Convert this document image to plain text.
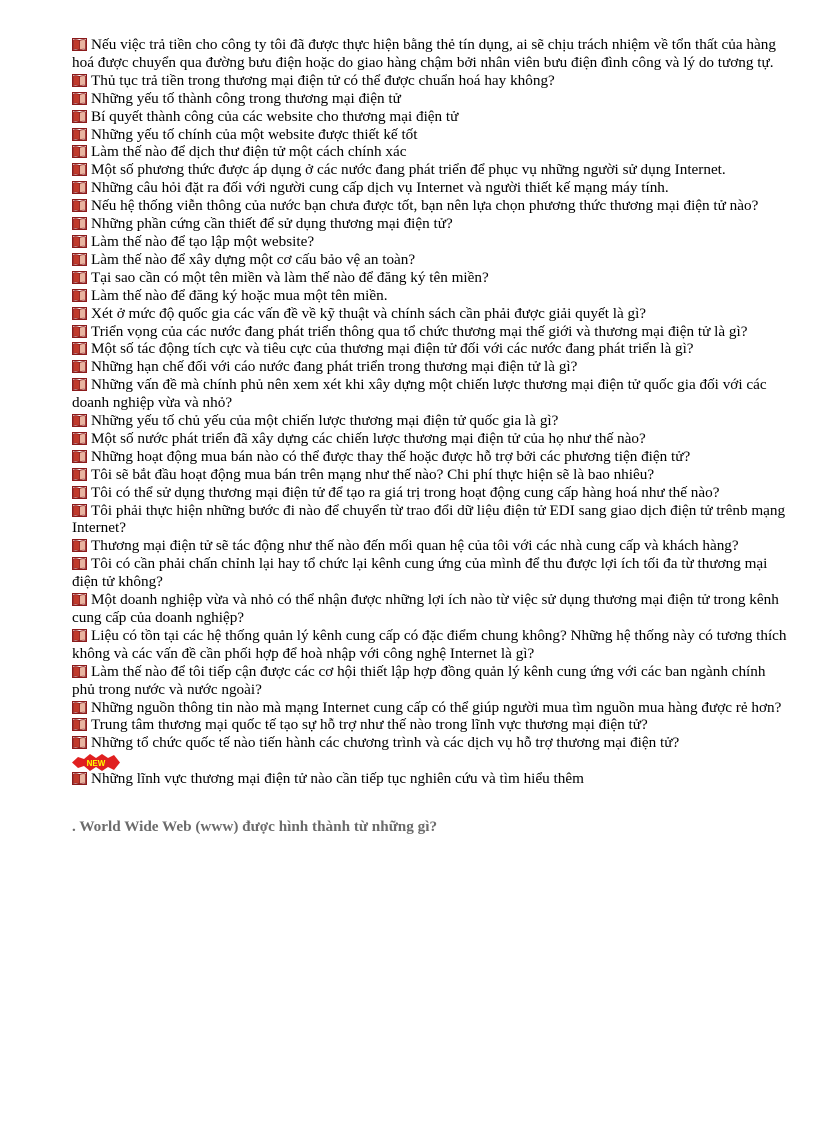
Nếu việc trả tiền cho công ty tôi đã được thực hiện bằng thẻ tín dụng, ai sẽ chịu trách nhiệm về tổn thất của hàng hoá được chuyển qua đường bưu điện hoặc do giao hàng chậm bởi nhân viên bưu điện đình công và lý do tương tự.
Thủ tục trả tiền trong thương mại điện tử có thể được chuẩn hoá hay không?
Những yếu tố thành công trong thương mại điện tử
Bí quyết thành công của các website cho thương mại điện tử
Những yếu tố chính của một website được thiết kế tốt
Làm thế nào để dịch thư điện tử một cách chính xác
Một số phương thức được áp dụng ở các nước đang phát triển để phục vụ những người sử dụng Internet.
Những câu hỏi đặt ra đối với người cung cấp dịch vụ Internet và người thiết kế mạng máy tính.
Nếu hệ thống viễn thông của nước bạn chưa được tốt, bạn nên lựa chọn phương thức thương mại điện tử nào?
Những phần cứng cần thiết để sử dụng thương mại điện tử?
Làm thế nào để tạo lập một website?
Làm thế nào để xây dựng một cơ cấu bảo vệ an toàn?
Tại sao cần có một tên miền và làm thế nào để đăng ký tên miền?
Làm thế nào để đăng ký hoặc mua một tên miền.
Xét ở mức độ quốc gia các vấn đề về kỹ thuật và chính sách cần phải được giải quyết là gì?
Triển vọng của các nước đang phát triển thông qua tổ chức thương mại thế giới và thương mại điện tử là gì?
Một số tác động tích cực và tiêu cực của thương mại điện tử đối với các nước đang phát triển là gì?
Những hạn chế đối với cáo nước đang phát triển trong thương mại điện tử là gì?
Những vấn đề mà chính phủ nên xem xét khi xây dựng một chiến lược thương mại điện tử quốc gia đối với các doanh nghiệp vừa và nhỏ?
Những yếu tố chủ yếu của một chiến lược thương mại điện tử quốc gia là gì?
Một số nước phát triển đã xây dựng các chiến lược thương mại điện tử của họ như thế nào?
Những hoạt động mua bán nào có thể được thay thế hoặc được hỗ trợ bởi các phương tiện điện tử?
Tôi sẽ bắt đầu hoạt động mua bán trên mạng như thế nào? Chi phí thực hiện sẽ là bao nhiêu?
Tôi có thể sử dụng thương mại điện tử để tạo ra giá trị trong hoạt động cung cấp hàng hoá như thế nào?
Tôi phải thực hiện những bước đi nào để chuyển từ trao đổi dữ liệu điện tử EDI sang giao dịch điện tử trênb mạng Internet?
Thương mại điện tử sẽ tác động như thế nào đến mối quan hệ của tôi với các nhà cung cấp và khách hàng?
Tôi có cần phải chấn chỉnh lại hay tổ chức lại kênh cung ứng của mình để thu được lợi ích tối đa từ thương mại điện tử không?
Một doanh nghiệp vừa và nhỏ có thể nhận được những lợi ích nào từ việc sử dụng thương mại điện tử trong kênh cung cấp của doanh nghiệp?
Liệu có tồn tại các hệ thống quản lý kênh cung cấp có đặc điểm chung không? Những hệ thống này có tương thích không và các vấn đề cần phối hợp để hoà nhập với công nghệ Internet là gì?
Làm thế nào để tôi tiếp cận được các cơ hội thiết lập hợp đồng quản lý kênh cung ứng với các ban ngành chính phủ trong nước và nước ngoài?
Những nguồn thông tin nào mà mạng Internet cung cấp có thể giúp người mua tìm nguồn mua hàng được rẻ hơn?
Trung tâm thương mại quốc tế tạo sự hỗ trợ như thế nào trong lĩnh vực thương mại điện tử?
Những tổ chức quốc tế nào tiến hành các chương trình và các dịch vụ hỗ trợ thương mại điện tử?
NEW
Những lĩnh vực thương mại điện tử nào cần tiếp tục nghiên cứu và tìm hiểu thêm
. World Wide Web (www) được hình thành từ những gì?
